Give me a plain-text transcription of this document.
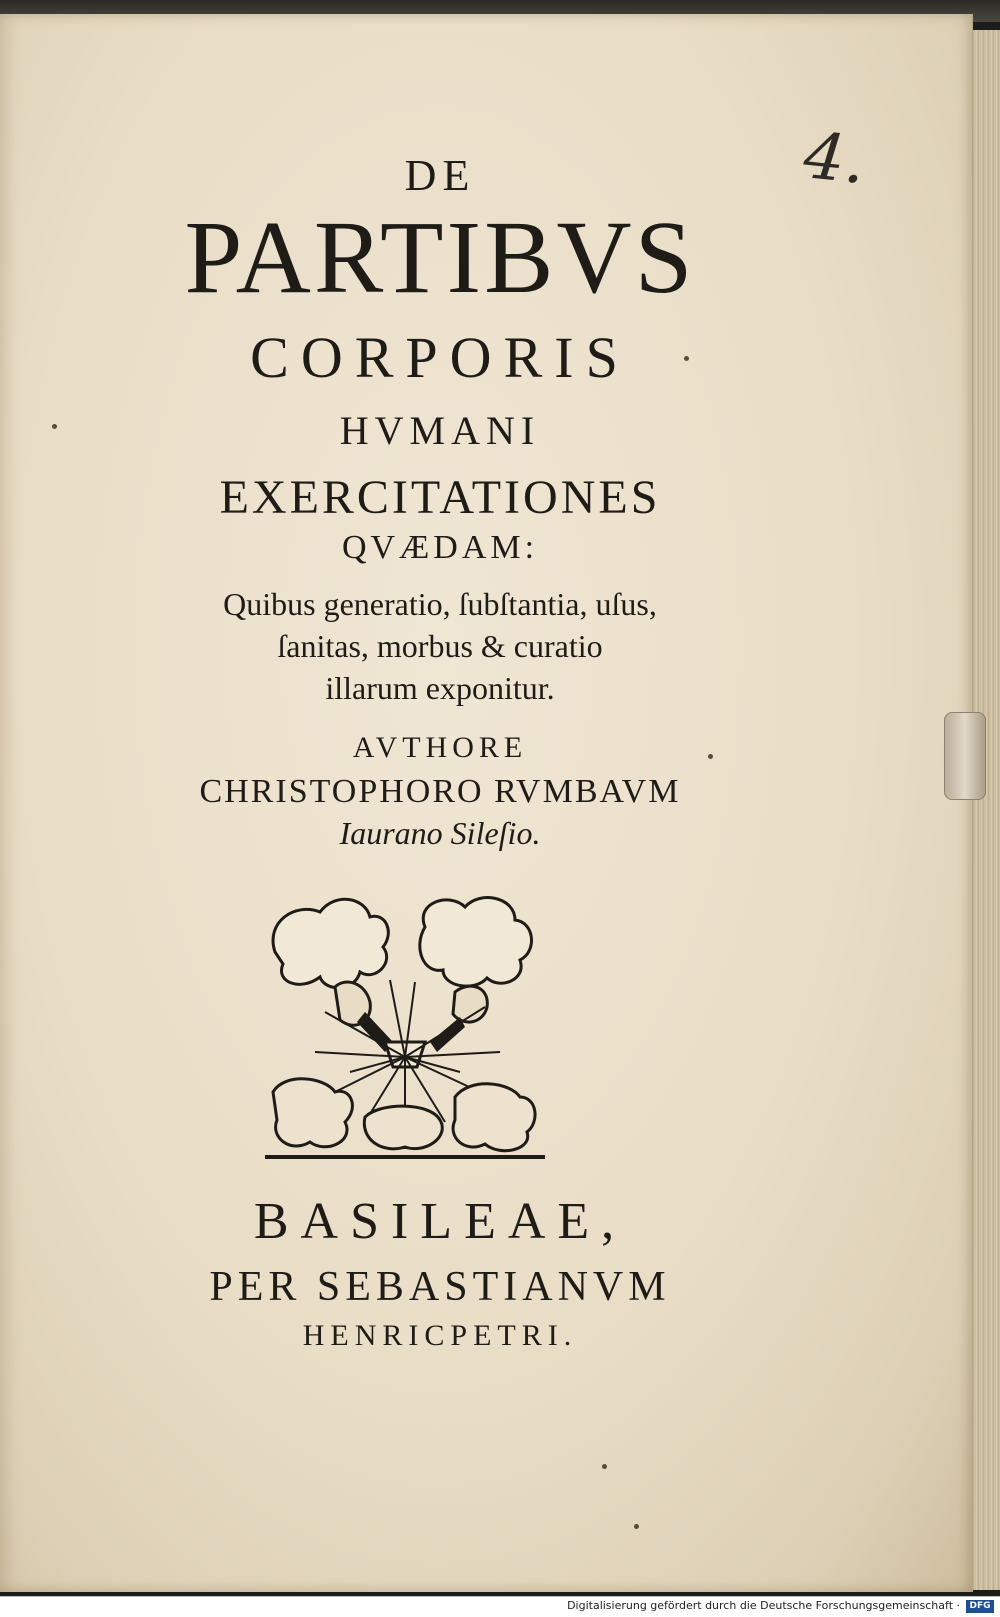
4.
DE
PARTIBVS
CORPORIS
HVMANI
EXERCITATIONES
QVÆDAM:
Quibus generatio, ſubſtantia, uſus,
ſanitas, morbus & curatio
illarum exponitur.
AVTHORE
CHRISTOPHORO RVMBAVM
Iaurano Sileſio.
BASILEAE,
PER SEBASTIANVM
HENRICPETRI.
Digitalisierung gefördert durch die Deutsche Forschungsgemeinschaft ·	DFG
